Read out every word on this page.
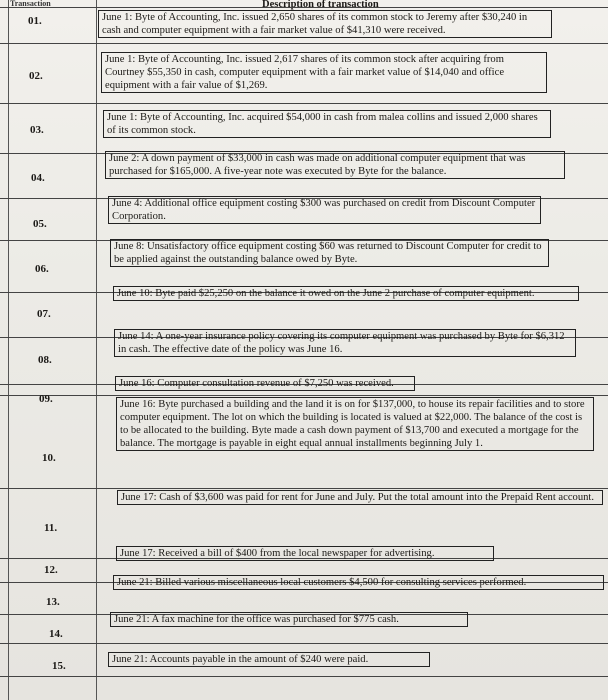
Transaction	Description of transaction
01.
02.
03.
04.
05.
06.
07.
08.
09.
10.
11.
12.
13.
14.
15.
June 1: Byte of Accounting, Inc. issued 2,650 shares of its common stock to Jeremy after $30,240 in cash and computer equipment with a fair market value of $41,310 were received.
June 1: Byte of Accounting, Inc. issued 2,617 shares of its common stock after acquiring from Courtney $55,350 in cash, computer equipment with a fair market value of $14,040 and office equipment with a fair value of $1,269.
June 1: Byte of Accounting, Inc. acquired $54,000 in cash from malea collins and issued 2,000 shares of its common stock.
June 2: A down payment of $33,000 in cash was made on additional computer equipment that was purchased for $165,000. A five-year note was executed by Byte for the balance.
June 4: Additional office equipment costing $300 was purchased on credit from Discount Computer Corporation.
June 8: Unsatisfactory office equipment costing $60 was returned to Discount Computer for credit to be applied against the outstanding balance owed by Byte.
June 10: Byte paid $25,250 on the balance it owed on the June 2 purchase of computer equipment.
June 14: A one-year insurance policy covering its computer equipment was purchased by Byte for $6,312 in cash. The effective date of the policy was June 16.
June 16: Computer consultation revenue of $7,250 was received.
June 16: Byte purchased a building and the land it is on for $137,000, to house its repair facilities and to store computer equipment. The lot on which the building is located is valued at $22,000. The balance of the cost is to be allocated to the building. Byte made a cash down payment of $13,700 and executed a mortgage for the balance. The mortgage is payable in eight equal annual installments beginning July 1.
June 17: Cash of $3,600 was paid for rent for June and July. Put the total amount into the Prepaid Rent account.
June 17: Received a bill of $400 from the local newspaper for advertising.
June 21: Billed various miscellaneous local customers $4,500 for consulting services performed.
June 21: A fax machine for the office was purchased for $775 cash.
June 21: Accounts payable in the amount of $240 were paid.
